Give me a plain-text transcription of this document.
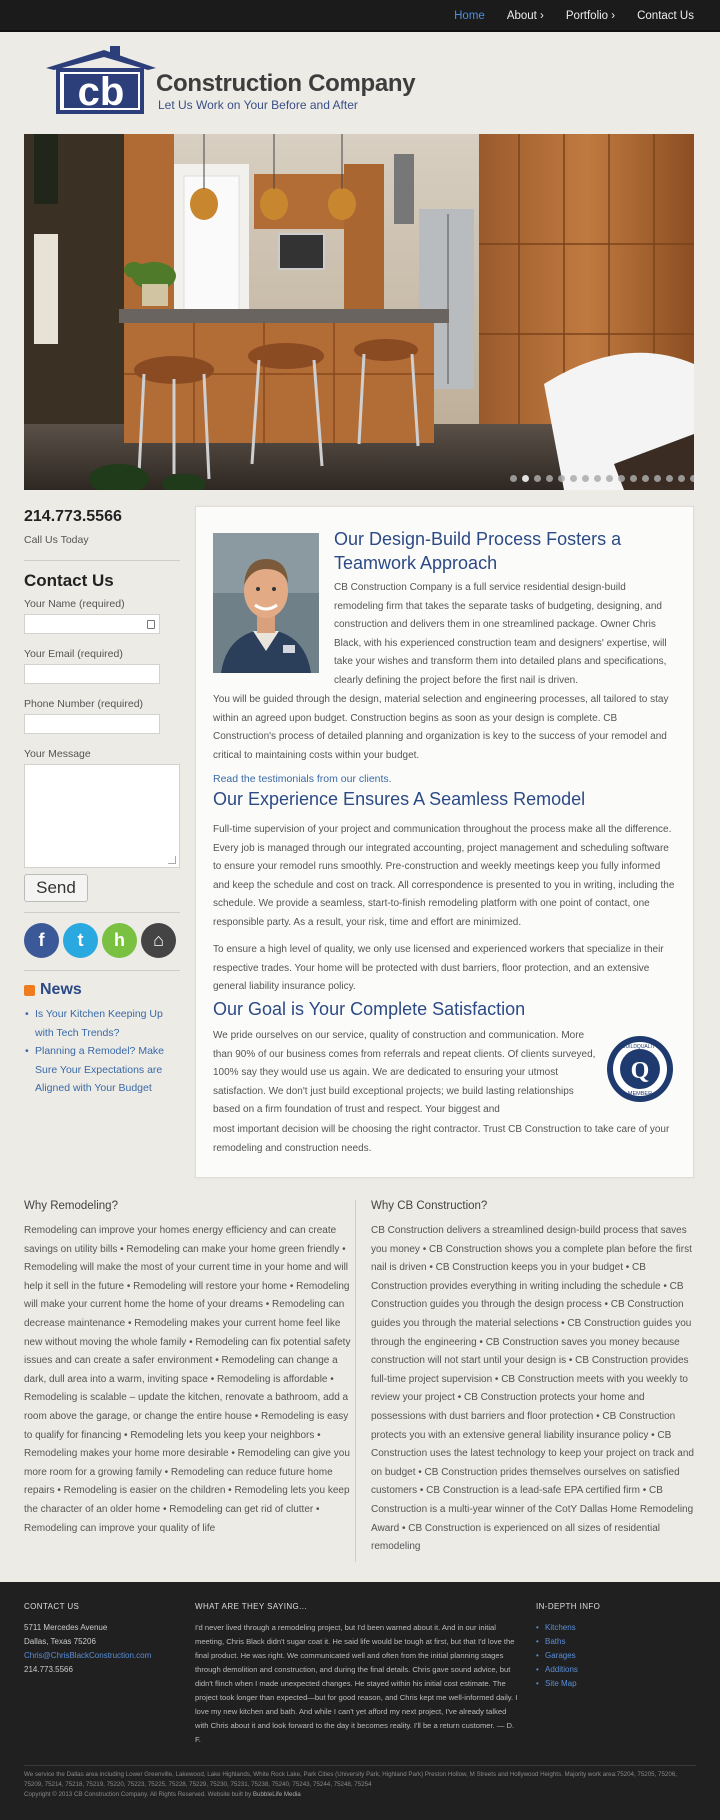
Home About › Portfolio › Contact Us
cb Construction Company
Let Us Work on Your Before and After
214.773.5566
Call Us Today
Contact Us
Your Name (required)
Your Email (required)
Phone Number (required)
Your Message
Send
f	t	h	⌂
News
• Is Your Kitchen Keeping Up with Tech Trends?
• Planning a Remodel? Make Sure Your Expectations are Aligned with Your Budget
Our Design-Build Process Fosters a Teamwork Approach
CB Construction Company is a full service residential design-build remodeling firm that takes the separate tasks of budgeting, designing, and construction and delivers them in one streamlined package. Owner Chris Black, with his experienced construction team and designers' expertise, will take your wishes and transform them into detailed plans and specifications, clearly defining the project before the first nail is driven.
You will be guided through the design, material selection and engineering processes, all tailored to stay within an agreed upon budget. Construction begins as soon as your design is complete. CB Construction's process of detailed planning and organization is key to the success of your remodel and critical to maintaining costs within your budget.
Read the testimonials from our clients.
Our Experience Ensures A Seamless Remodel
Full-time supervision of your project and communication throughout the process make all the difference. Every job is managed through our integrated accounting, project management and scheduling software to ensure your remodel runs smoothly. Pre-construction and weekly meetings keep you fully informed and keep the schedule and cost on track. All correspondence is presented to you in writing, including the schedule. We provide a seamless, start-to-finish remodeling platform with one point of contact, one responsible party. As a result, your risk, time and effort are minimized.
To ensure a high level of quality, we only use licensed and experienced workers that specialize in their respective trades. Your home will be protected with dust barriers, floor protection, and an extensive general liability insurance policy.
Our Goal is Your Complete Satisfaction
We pride ourselves on our service, quality of construction and communication. More than 90% of our business comes from referrals and repeat clients. Of clients surveyed, 100% say they would use us again. We are dedicated to ensuring your utmost satisfaction. We don't just build exceptional projects; we build lasting relationships based on a firm foundation of trust and respect. Your biggest and
most important decision will be choosing the right contractor. Trust CB Construction to take care of your remodeling and construction needs.
Q
GUILDQUALITY
MEMBER
Why Remodeling?
Remodeling can improve your homes energy efficiency and can create savings on utility bills • Remodeling can make your home green friendly • Remodeling will make the most of your current time in your home and will help it sell in the future • Remodeling will restore your home • Remodeling will make your current home the home of your dreams • Remodeling can decrease maintenance • Remodeling makes your current home feel like new without moving the whole family • Remodeling can fix potential safety issues and can create a safer environment • Remodeling can change a dark, dull area into a warm, inviting space • Remodeling is affordable • Remodeling is scalable – update the kitchen, renovate a bathroom, add a room above the garage, or change the entire house • Remodeling is easy to qualify for financing • Remodeling lets you keep your neighbors • Remodeling makes your home more desirable • Remodeling can give you more room for a growing family • Remodeling can reduce future home repairs • Remodeling is easier on the children • Remodeling lets you keep the character of an older home • Remodeling can get rid of clutter • Remodeling can improve your quality of life
Why CB Construction?
CB Construction delivers a streamlined design-build process that saves you money • CB Construction shows you a complete plan before the first nail is driven • CB Construction keeps you in your budget • CB Construction provides everything in writing including the schedule • CB Construction guides you through the design process • CB Construction guides you through the material selections • CB Construction guides you through the engineering • CB Construction saves you money because construction will not start until your design is • CB Construction provides full-time project supervision • CB Construction meets with you weekly to review your project • CB Construction protects your home and possessions with dust barriers and floor protection • CB Construction protects you with an extensive general liability insurance policy • CB Construction uses the latest technology to keep your project on track and on budget • CB Construction prides themselves ourselves on satisfied customers • CB Construction is a lead-safe EPA certified firm • CB Construction is a multi-year winner of the CotY Dallas Home Remodeling Award • CB Construction is experienced on all sizes of residential remodeling
CONTACT US
5711 Mercedes Avenue
Dallas, Texas 75206
Chris@ChrisBlackConstruction.com
214.773.5566
WHAT ARE THEY SAYING...
I'd never lived through a remodeling project, but I'd been warned about it. And in our initial meeting, Chris Black didn't sugar coat it. He said life would be tough at first, but that I'd love the final product. He was right. We communicated well and often from the initial planning stages through demolition and construction, and during the final details. Chris gave sound advice, but didn't flinch when I made unexpected changes. He stayed within his initial cost estimate. The project took longer than expected—but for good reason, and Chris kept me well-informed daily. I love my new kitchen and bath. And while I can't yet afford my next project, I've already talked with Chris about it and look forward to the day it becomes reality. I'll be a return customer. — D. F.
IN-DEPTH INFO
• Kitchens
• Baths
• Garages
• Additions
• Site Map
We service the Dallas area including Lower Greenville, Lakewood, Lake Highlands, White Rock Lake, Park Cities (University Park, Highland Park) Preston Hollow, M Streets and Hollywood Heights. Majority work area:75204, 75205, 75206, 75209, 75214, 75218, 75219, 75220, 75223, 75225, 75228, 75229, 75230, 75231, 75238, 75240, 75243, 75244, 75248, 75254
Copyright © 2013 CB Construction Company. All Rights Reserved. Website built by BubbleLife Media
